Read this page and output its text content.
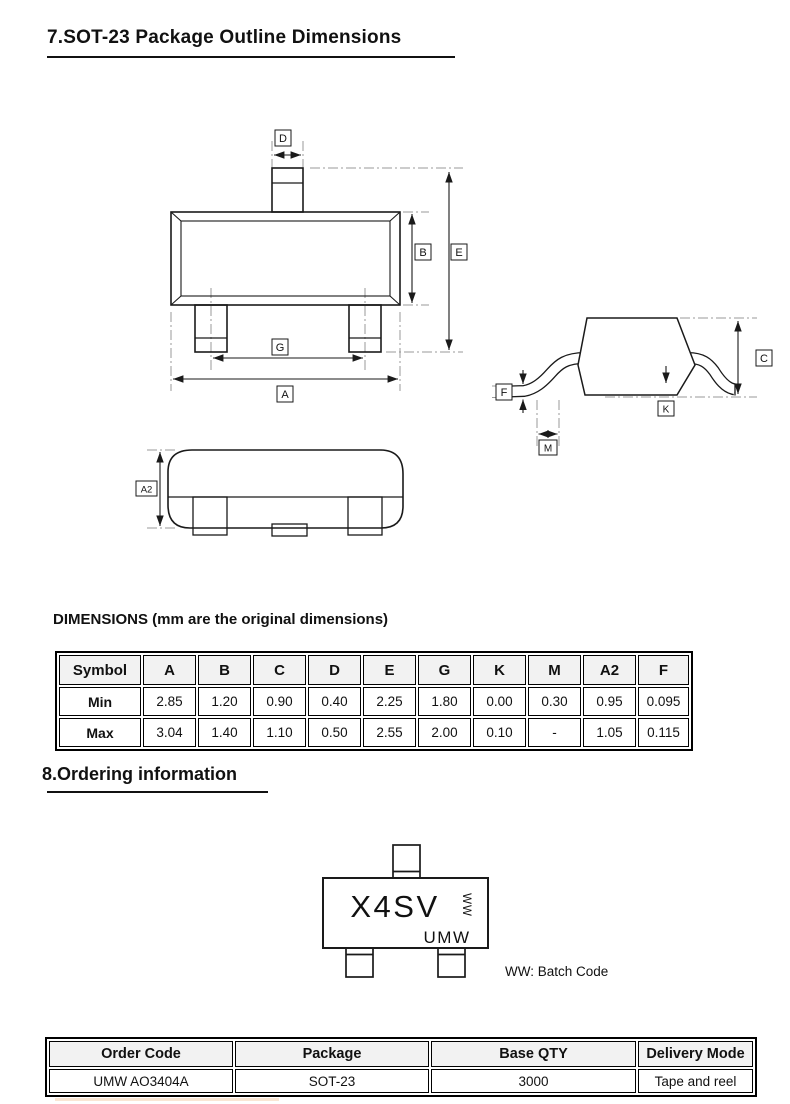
7.SOT-23 Package Outline Dimensions
D
B	E
G
A
C
F
M
K
A2
DIMENSIONS (mm are the original dimensions)
Symbol	A	B	C	D	E	G	K	M	A2	F
Min	2.85	1.20	0.90	0.40	2.25	1.80	0.00	0.30	0.95	0.095
Max	3.04	1.40	1.10	0.50	2.55	2.00	0.10	-	1.05	0.115
8.Ordering information
X4SV WW
UMW
WW: Batch Code
Order Code	Package	Base QTY	Delivery Mode
UMW AO3404A	SOT-23	3000	Tape and reel
